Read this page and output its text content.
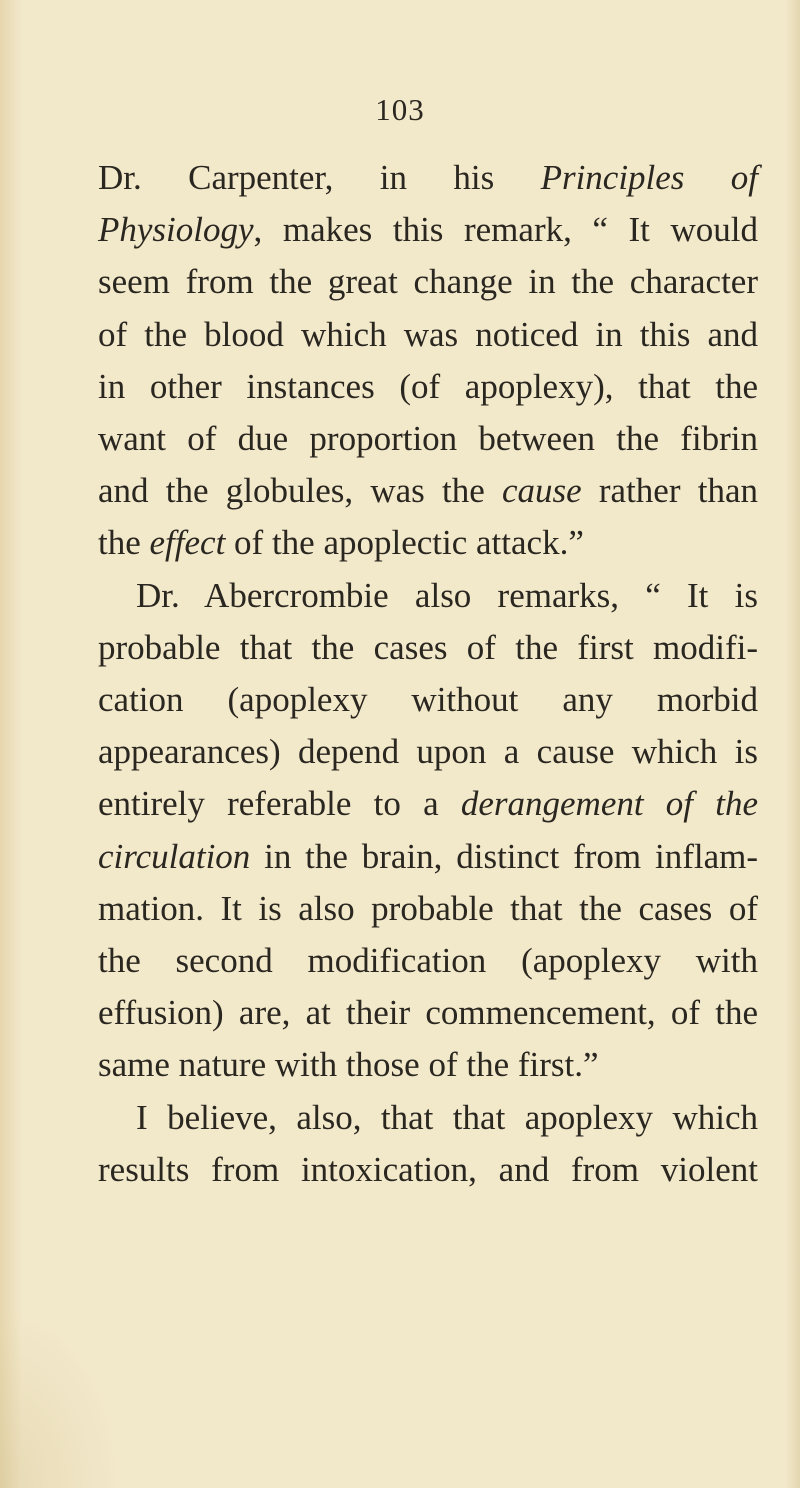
103
Dr. Carpenter, in his Principles of
Physiology, makes this remark, “ It would
seem from the great change in the character
of the blood which was noticed in this and
in other instances (of apoplexy), that the
want of due proportion between the fibrin
and the globules, was the cause rather than
the effect of the apoplectic attack.”
Dr. Abercrombie also remarks, “ It is
probable that the cases of the first modifi-
cation (apoplexy without any morbid
appearances) depend upon a cause which is
entirely referable to a derangement of the
circulation in the brain, distinct from inflam-
mation. It is also probable that the cases of
the second modification (apoplexy with
effusion) are, at their commencement, of the
same nature with those of the first.”
I believe, also, that that apoplexy which
results from intoxication, and from violent
